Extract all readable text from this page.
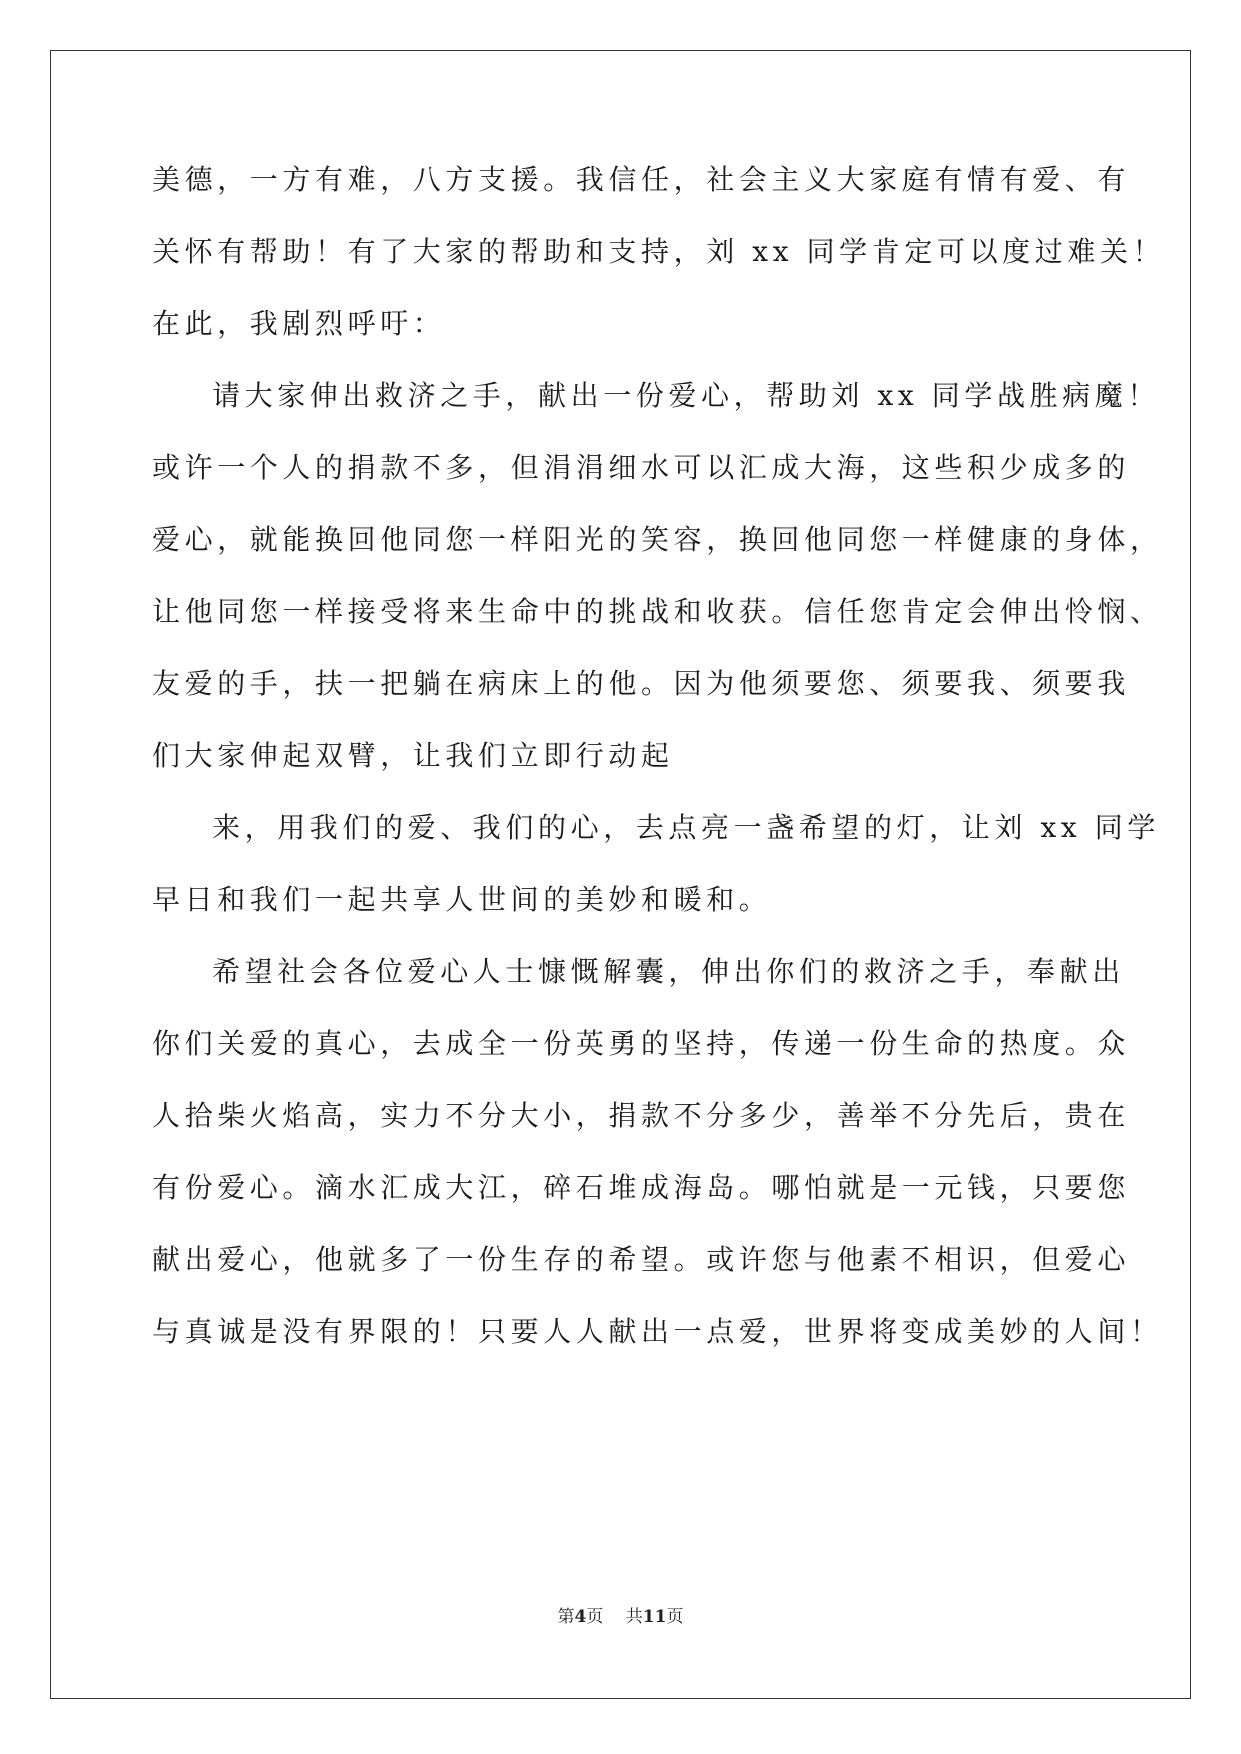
美德，一方有难，八方支援。我信任，社会主义大家庭有情有爱、有
关怀有帮助！有了大家的帮助和支持，刘 xx 同学肯定可以度过难关！
在此，我剧烈呼吁：
请大家伸出救济之手，献出一份爱心，帮助刘 xx 同学战胜病魔！
或许一个人的捐款不多，但涓涓细水可以汇成大海，这些积少成多的
爱心，就能换回他同您一样阳光的笑容，换回他同您一样健康的身体，
让他同您一样接受将来生命中的挑战和收获。信任您肯定会伸出怜悯、
友爱的手，扶一把躺在病床上的他。因为他须要您、须要我、须要我
们大家伸起双臂，让我们立即行动起
来，用我们的爱、我们的心，去点亮一盏希望的灯，让刘 xx 同学
早日和我们一起共享人世间的美妙和暖和。
希望社会各位爱心人士慷慨解囊，伸出你们的救济之手，奉献出
你们关爱的真心，去成全一份英勇的坚持，传递一份生命的热度。众
人拾柴火焰高，实力不分大小，捐款不分多少，善举不分先后，贵在
有份爱心。滴水汇成大江，碎石堆成海岛。哪怕就是一元钱，只要您
献出爱心，他就多了一份生存的希望。或许您与他素不相识，但爱心
与真诚是没有界限的！只要人人献出一点爱，世界将变成美妙的人间！
第4页   共11页
